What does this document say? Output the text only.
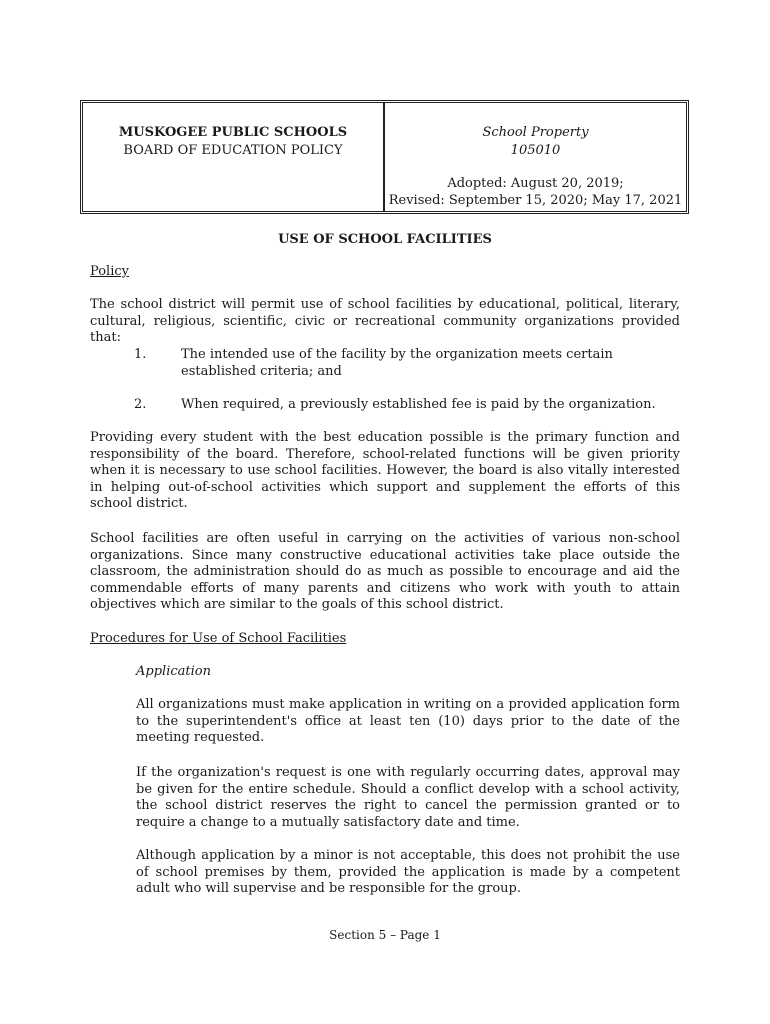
MUSKOGEE PUBLIC SCHOOLS
BOARD OF EDUCATION POLICY
School Property
105010
Adopted: August 20, 2019;
Revised: September 15, 2020; May 17, 2021
USE OF SCHOOL FACILITIES
Policy
The school district will permit use of school facilities by educational, political, literary, cultural, religious, scientific, civic or recreational community organizations provided that:
1.	The intended use of the facility by the organization meets certain established criteria; and
2.	When required, a previously established fee is paid by the organization.
Providing every student with the best education possible is the primary function and responsibility of the board. Therefore, school-related functions will be given priority when it is necessary to use school facilities. However, the board is also vitally interested in helping out-of-school activities which support and supplement the efforts of this school district.
School facilities are often useful in carrying on the activities of various non-school organizations. Since many constructive educational activities take place outside the classroom, the administration should do as much as possible to encourage and aid the commendable efforts of many parents and citizens who work with youth to attain objectives which are similar to the goals of this school district.
Procedures for Use of School Facilities
Application
All organizations must make application in writing on a provided application form to the superintendent's office at least ten (10) days prior to the date of the meeting requested.
If the organization's request is one with regularly occurring dates, approval may be given for the entire schedule. Should a conflict develop with a school activity, the school district reserves the right to cancel the permission granted or to require a change to a mutually satisfactory date and time.
Although application by a minor is not acceptable, this does not prohibit the use of school premises by them, provided the application is made by a competent adult who will supervise and be responsible for the group.
Section 5 – Page 1
